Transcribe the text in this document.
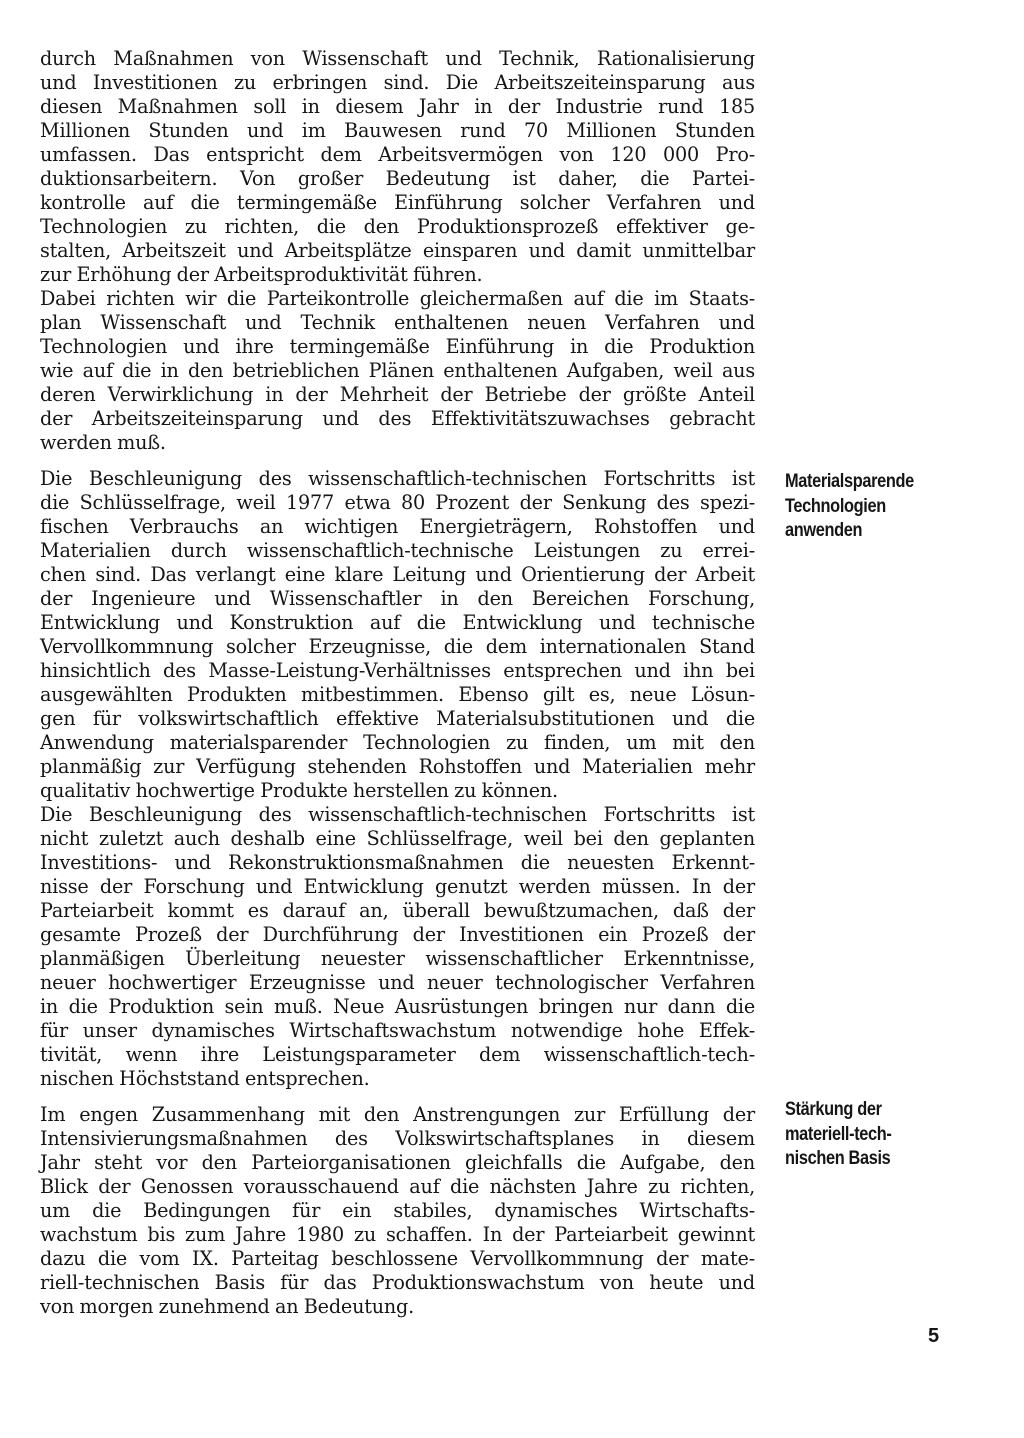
durch Maßnahmen von Wissenschaft und Technik, Rationalisierung

und Investitionen zu erbringen sind. Die Arbeitszeiteinsparung aus

diesen Maßnahmen soll in diesem Jahr in der Industrie rund 185

Millionen Stunden und im Bauwesen rund 70 Millionen Stunden

umfassen. Das entspricht dem Arbeitsvermögen von 120 000 Pro-

duktionsarbeitern. Von großer Bedeutung ist daher, die Partei-

kontrolle auf die termingemäße Einführung solcher Verfahren und

Technologien zu richten, die den Produktionsprozeß effektiver ge-

stalten, Arbeitszeit und Arbeitsplätze einsparen und damit unmittelbar

zur Erhöhung der Arbeitsproduktivität führen.

Dabei richten wir die Parteikontrolle gleichermaßen auf die im Staats-

plan Wissenschaft und Technik enthaltenen neuen Verfahren und

Technologien und ihre termingemäße Einführung in die Produktion

wie auf die in den betrieblichen Plänen enthaltenen Aufgaben, weil aus

deren Verwirklichung in der Mehrheit der Betriebe der größte Anteil

der Arbeitszeiteinsparung und des Effektivitätszuwachses gebracht

werden muß.

Die Beschleunigung des wissenschaftlich-technischen Fortschritts ist

die Schlüsselfrage, weil 1977 etwa 80 Prozent der Senkung des spezi-

fischen Verbrauchs an wichtigen Energieträgern, Rohstoffen und

Materialien durch wissenschaftlich-technische Leistungen zu errei-

chen sind. Das verlangt eine klare Leitung und Orientierung der Arbeit

der Ingenieure und Wissenschaftler in den Bereichen Forschung,

Entwicklung und Konstruktion auf die Entwicklung und technische

Vervollkommnung solcher Erzeugnisse, die dem internationalen Stand

hinsichtlich des Masse-Leistung-Verhältnisses entsprechen und ihn bei

ausgewählten Produkten mitbestimmen. Ebenso gilt es, neue Lösun-

gen für volkswirtschaftlich effektive Materialsubstitutionen und die

Anwendung materialsparender Technologien zu finden, um mit den

planmäßig zur Verfügung stehenden Rohstoffen und Materialien mehr

qualitativ hochwertige Produkte herstellen zu können.

Die Beschleunigung des wissenschaftlich-technischen Fortschritts ist

nicht zuletzt auch deshalb eine Schlüsselfrage, weil bei den geplanten

Investitions- und Rekonstruktionsmaßnahmen die neuesten Erkennt-

nisse der Forschung und Entwicklung genutzt werden müssen. In der

Parteiarbeit kommt es darauf an, überall bewußtzumachen, daß der

gesamte Prozeß der Durchführung der Investitionen ein Prozeß der

planmäßigen Überleitung neuester wissenschaftlicher Erkenntnisse,

neuer hochwertiger Erzeugnisse und neuer technologischer Verfahren

in die Produktion sein muß. Neue Ausrüstungen bringen nur dann die

für unser dynamisches Wirtschaftswachstum notwendige hohe Effek-

tivität, wenn ihre Leistungsparameter dem wissenschaftlich-tech-

nischen Höchststand entsprechen.

Im engen Zusammenhang mit den Anstrengungen zur Erfüllung der

Intensivierungsmaßnahmen des Volkswirtschaftsplanes in diesem

Jahr steht vor den Parteiorganisationen gleichfalls die Aufgabe, den

Blick der Genossen vorausschauend auf die nächsten Jahre zu richten,

um die Bedingungen für ein stabiles, dynamisches Wirtschafts-

wachstum bis zum Jahre 1980 zu schaffen. In der Parteiarbeit gewinnt

dazu die vom IX. Parteitag beschlossene Vervollkommnung der mate-

riell-technischen Basis für das Produktionswachstum von heute und

von morgen zunehmend an Bedeutung.

Materialsparende
Technologien
anwenden
Stärkung der
materiell-tech-
nischen Basis
5
